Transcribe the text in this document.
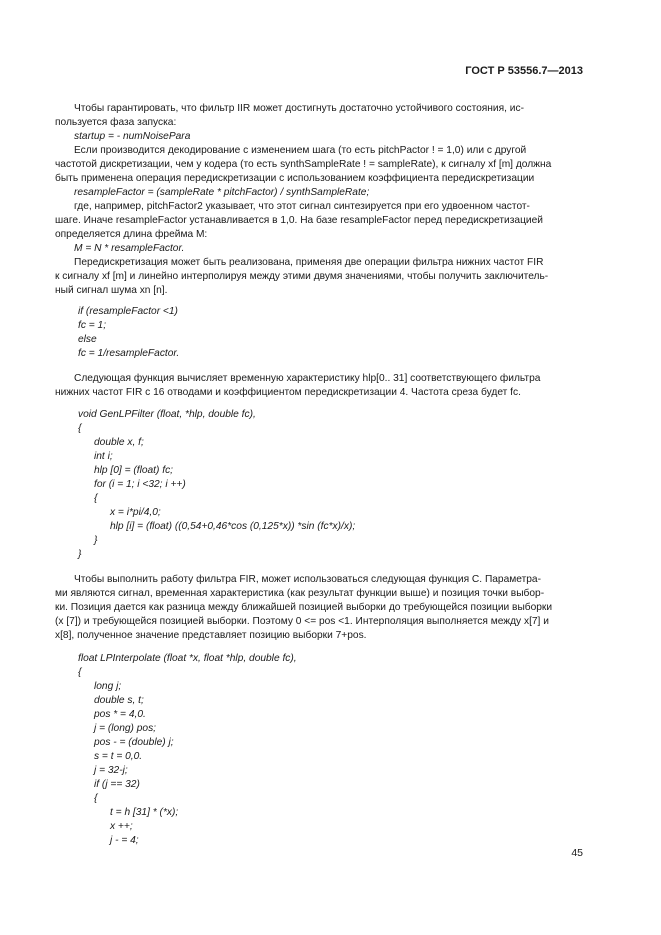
ГОСТ Р 53556.7—2013
Чтобы гарантировать, что фильтр IIR может достигнуть достаточно устойчивого состояния, ис-
пользуется фаза запуска:
startup = - numNoisePara
Если производится декодирование с изменением шага (то есть pitchPactor ! = 1,0) или с другой
частотой дискретизации, чем у кодера (то есть synthSampleRate ! = sampleRate), к сигналу xf [m] должна
быть применена операция передискретизации с использованием коэффициента передискретизации
resampleFactor = (sampleRate * pitchFactor) / synthSampleRate;
где, например, pitchFactor2 указывает, что этот сигнал синтезируется при его удвоенном частот-
шаге. Иначе resampleFactor устанавливается в 1,0. На базе resampleFactor перед передискретизацией
определяется длина фрейма M:
M = N * resampleFactor.
Передискретизация может быть реализована, применяя две операции фильтра нижних частот FIR
к сигналу xf [m] и линейно интерполируя между этими двумя значениями, чтобы получить заключитель-
ный сигнал шума xn [n].
if (resampleFactor <1)
fc = 1;
else
fc = 1/resampleFactor.
Следующая функция вычисляет временную характеристику hlp[0.. 31] соответствующего фильтра
нижних частот FIR с 16 отводами и коэффициентом передискретизации 4. Частота среза будет fc.
void GenLPFilter (float, *hlp, double fc),
{
double x, f;
int i;
hlp [0] = (float) fc;
for (i = 1; i <32; i ++)
{
x = i*pi/4,0;
hlp [i] = (float) ((0,54+0,46*cos (0,125*x)) *sin (fc*x)/x);
}
}
Чтобы выполнить работу фильтра FIR, может использоваться следующая функция C. Параметра-
ми являются сигнал, временная характеристика (как результат функции выше) и позиция точки выбор-
ки. Позиция дается как разница между ближайшей позицией выборки до требующейся позиции выборки
(x [7]) и требующейся позицией выборки. Поэтому 0 <= pos <1. Интерполяция выполняется между x[7] и
x[8], полученное значение представляет позицию выборки 7+pos.
float LPInterpolate (float *x, float *hlp, double fc),
{
long j;
double s, t;
pos * = 4,0.
j = (long) pos;
pos - = (double) j;
s = t = 0,0.
j = 32-j;
if (j == 32)
{
t = h [31] * (*x);
x ++;
j - = 4;
45
